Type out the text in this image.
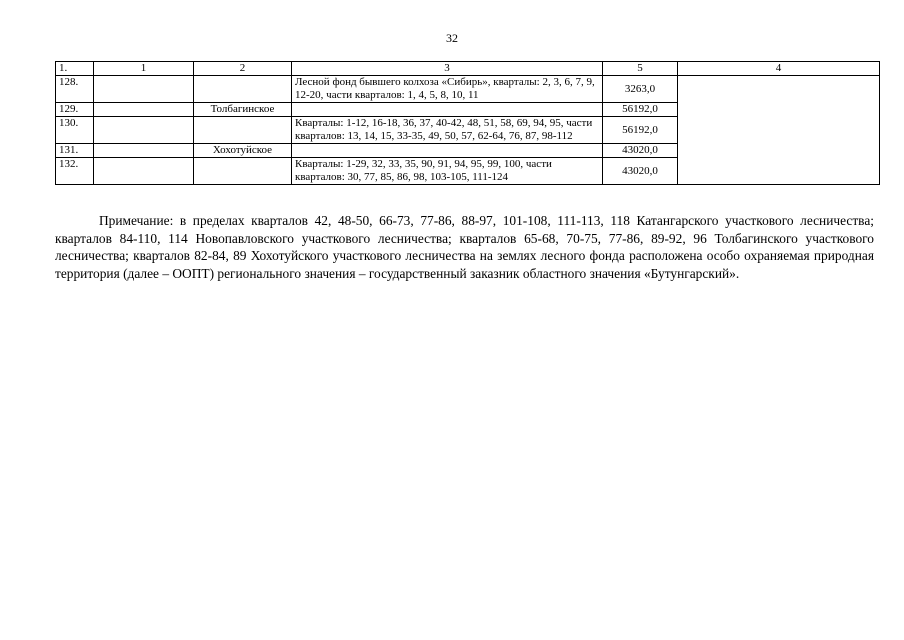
32
1.	1	2	3	5	4
128.			Лесной фонд бывшего колхоза «Сибирь», кварталы: 2, 3, 6, 7, 9, 12-20, части кварталов: 1, 4, 5, 8, 10, 11	3263,0	
129.		Толбагинское		56192,0	
130.			Кварталы: 1-12, 16-18, 36, 37, 40-42, 48, 51, 58, 69, 94, 95, части кварталов: 13, 14, 15, 33-35, 49, 50, 57, 62-64, 76, 87, 98-112	56192,0	
131.		Хохотуйское		43020,0	
132.			Кварталы: 1-29, 32, 33, 35, 90, 91, 94, 95, 99, 100, части кварталов: 30, 77, 85, 86, 98, 103-105, 111-124	43020,0	

Примечание: в пределах кварталов 42, 48-50, 66-73, 77-86, 88-97, 101-108, 111-113, 118 Катангарского участкового лесничества; кварталов 84-110, 114 Новопавловского участкового лесничества; кварталов 65-68, 70-75, 77-86, 89-92, 96 Толбагинского участкового лесничества; кварталов 82-84, 89 Хохотуйского участкового лесничества на землях лесного фонда расположена особо охраняемая природная территория (далее – ООПТ) регионального значения – государственный заказник областного значения «Бутунгарский».
